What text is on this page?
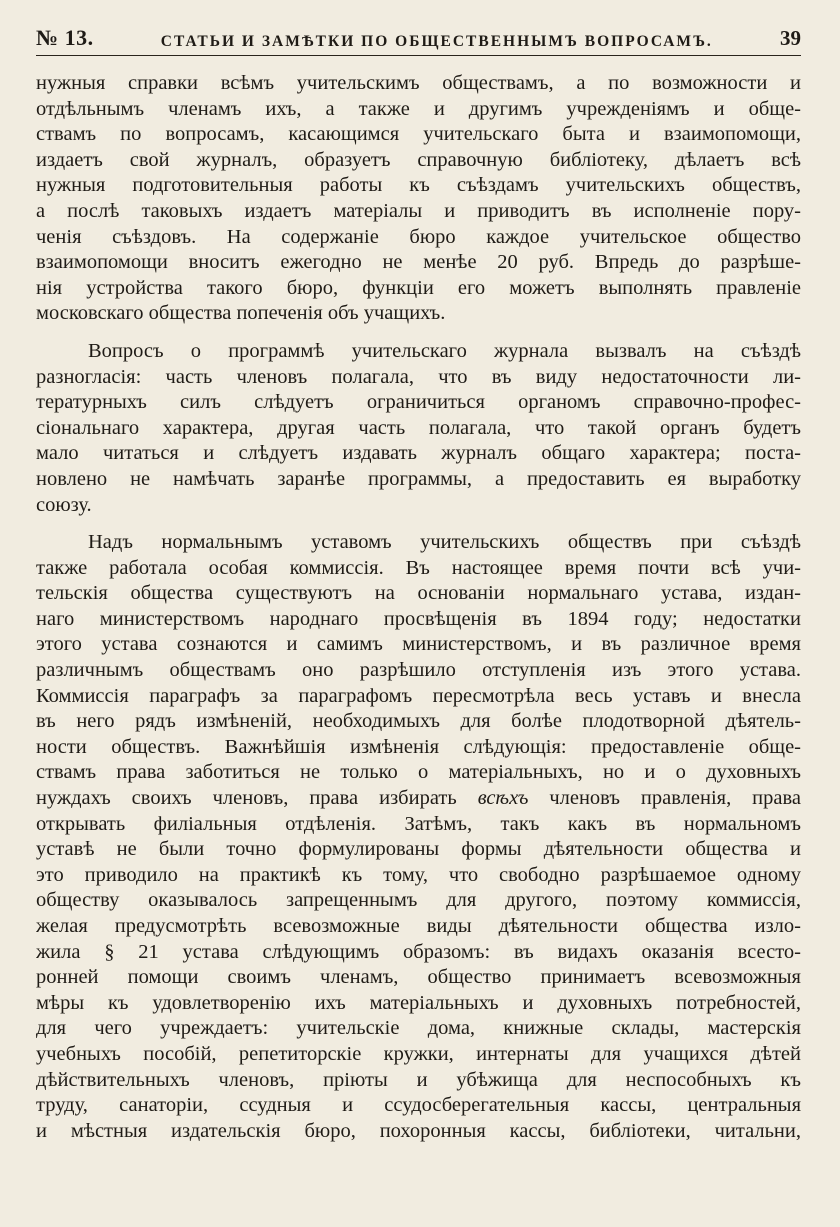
№ 13.	СТАТЬИ И ЗАМѢТКИ ПО ОБЩЕСТВЕННЫМЪ ВОПРОСАМЪ.	39
нужныя справки всѣмъ учительскимъ обществамъ, а по возможности и
отдѣльнымъ членамъ ихъ, а также и другимъ учрежденіямъ и обще-
ствамъ по вопросамъ, касающимся учительскаго быта и взаимопомощи,
издаетъ свой журналъ, образуетъ справочную библіотеку, дѣлаетъ всѣ
нужныя подготовительныя работы къ съѣздамъ учительскихъ обществъ,
а послѣ таковыхъ издаетъ матеріалы и приводитъ въ исполненіе пору-
ченія съѣздовъ. На содержаніе бюро каждое учительское общество
взаимопомощи вноситъ ежегодно не менѣе 20 руб. Впредь до разрѣше-
нія устройства такого бюро, функціи его можетъ выполнять правленіе
московскаго общества попеченія объ учащихъ.
Вопросъ о программѣ учительскаго журнала вызвалъ на съѣздѣ
разногласія: часть членовъ полагала, что въ виду недостаточности ли-
тературныхъ силъ слѣдуетъ ограничиться органомъ справочно-профес-
сіональнаго характера, другая часть полагала, что такой органъ будетъ
мало читаться и слѣдуетъ издавать журналъ общаго характера; поста-
новлено не намѣчать заранѣе программы, а предоставить ея выработку
союзу.
Надъ нормальнымъ уставомъ учительскихъ обществъ при съѣздѣ
также работала особая коммиссія. Въ настоящее время почти всѣ учи-
тельскія общества существуютъ на основаніи нормальнаго устава, издан-
наго министерствомъ народнаго просвѣщенія въ 1894 году; недостатки
этого устава сознаются и самимъ министерствомъ, и въ различное время
различнымъ обществамъ оно разрѣшило отступленія изъ этого устава.
Коммиссія параграфъ за параграфомъ пересмотрѣла весь уставъ и внесла
въ него рядъ измѣненій, необходимыхъ для болѣе плодотворной дѣятель-
ности обществъ. Важнѣйшія измѣненія слѣдующія: предоставленіе обще-
ствамъ права заботиться не только о матеріальныхъ, но и о духовныхъ
нуждахъ своихъ членовъ, права избирать всѣхъ членовъ правленія, права
открывать филіальныя отдѣленія. Затѣмъ, такъ какъ въ нормальномъ
уставѣ не были точно формулированы формы дѣятельности общества и
это приводило на практикѣ къ тому, что свободно разрѣшаемое одному
обществу оказывалось запрещеннымъ для другого, поэтому коммиссія,
желая предусмотрѣть всевозможные виды дѣятельности общества изло-
жила § 21 устава слѣдующимъ образомъ: въ видахъ оказанія всесто-
ронней помощи своимъ членамъ, общество принимаетъ всевозможныя
мѣры къ удовлетворенію ихъ матеріальныхъ и духовныхъ потребностей,
для чего учреждаетъ: учительскіе дома, книжные склады, мастерскія
учебныхъ пособій, репетиторскіе кружки, интернаты для учащихся дѣтей
дѣйствительныхъ членовъ, пріюты и убѣжища для неспособныхъ къ
труду, санаторіи, ссудныя и ссудосберегательныя кассы, центральныя
и мѣстныя издательскія бюро, похоронныя кассы, библіотеки, читальни,
